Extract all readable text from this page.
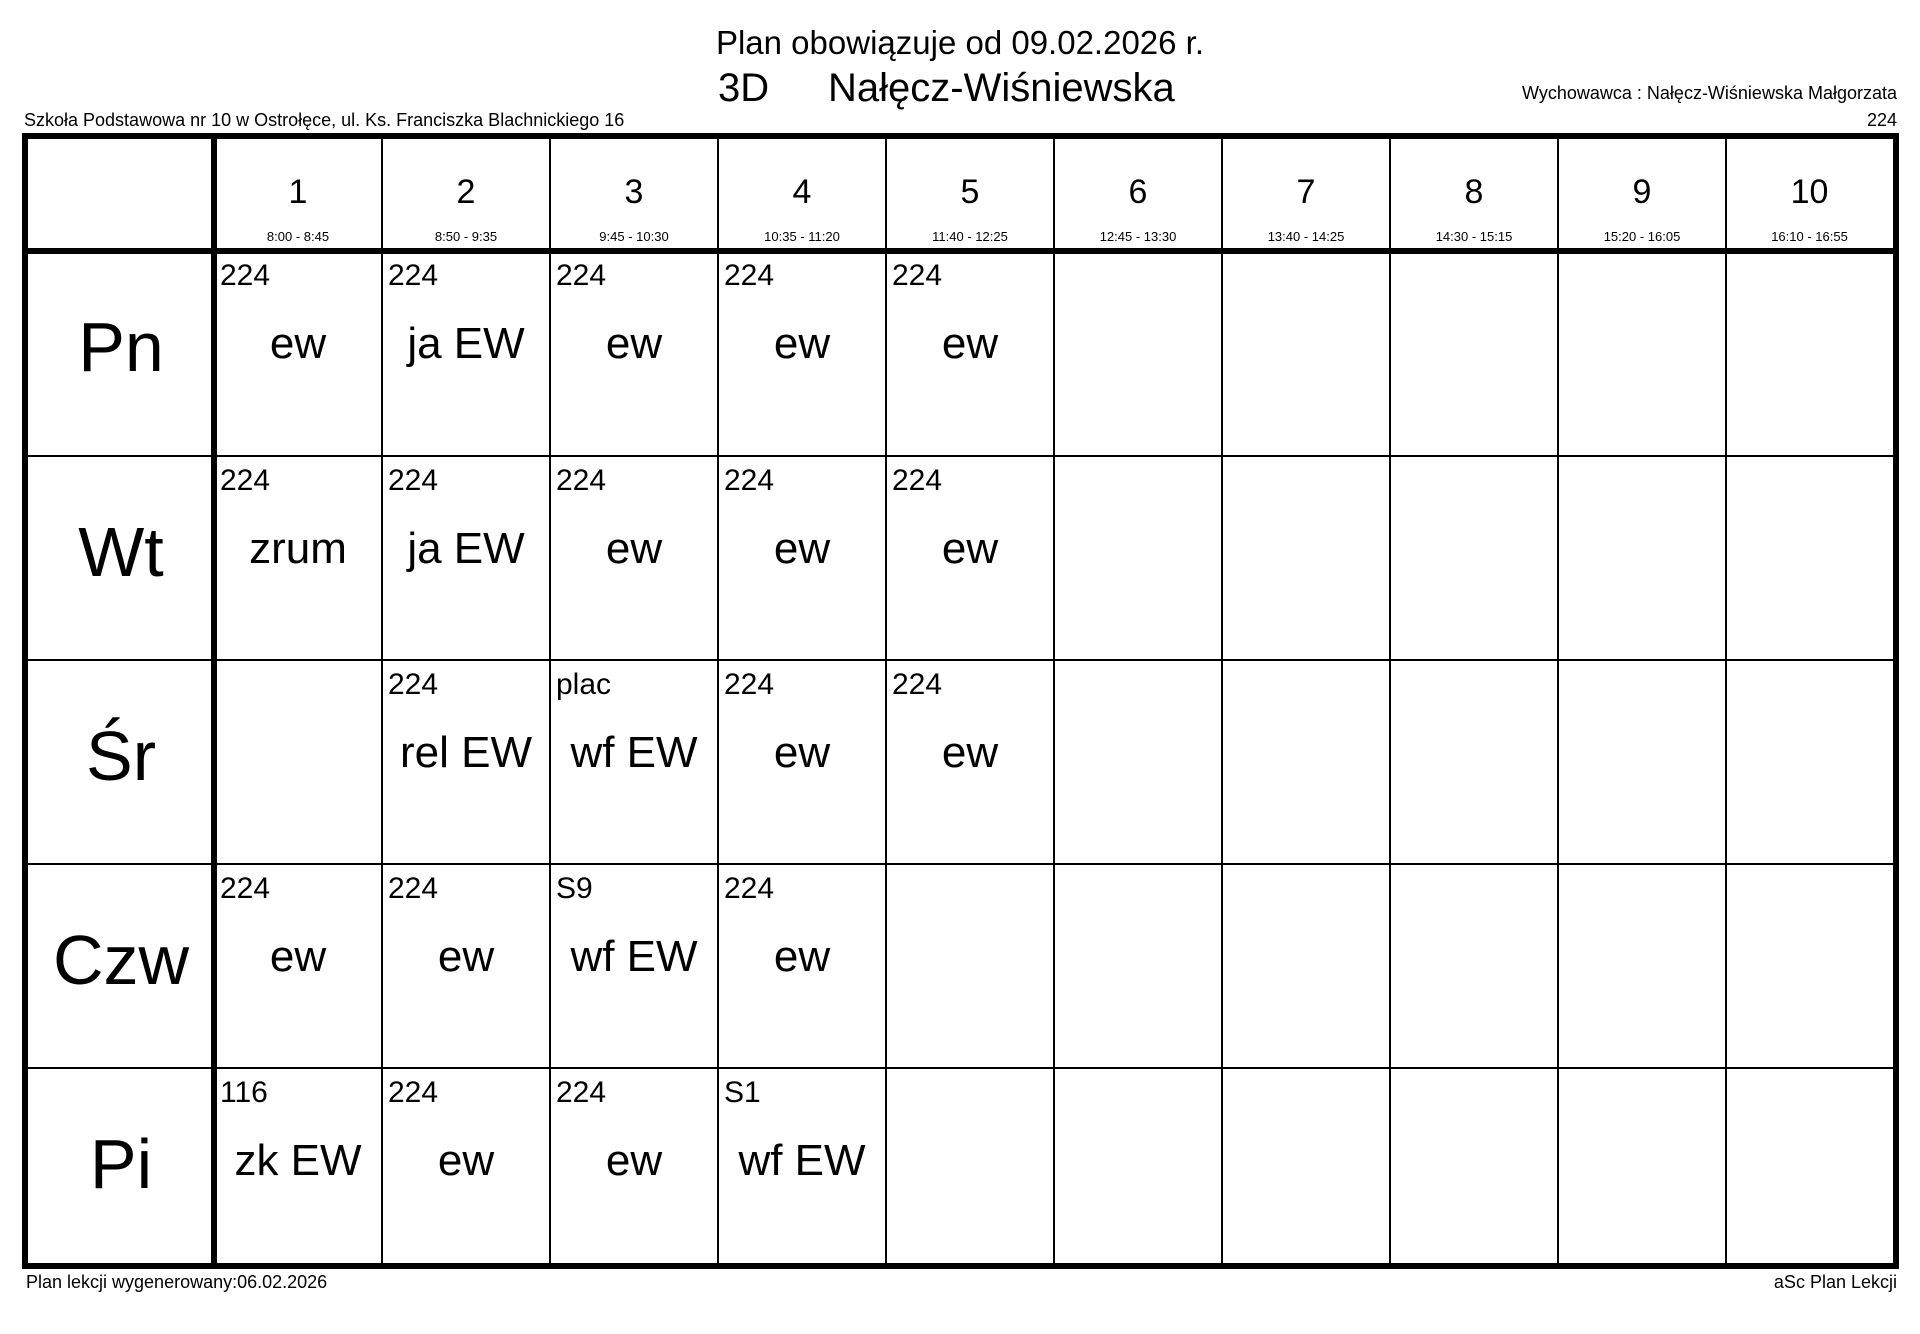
Plan obowiązuje od 09.02.2026 r.
3D Nałęcz-Wiśniewska
Szkoła Podstawowa nr 10 w Ostrołęce, ul. Ks. Franciszka Blachnickiego 16
Wychowawca : Nałęcz-Wiśniewska Małgorzata
224
1
8:00 - 8:45
2
8:50 - 9:35
3
9:45 - 10:30
4
10:35 - 11:20
5
11:40 - 12:25
6
12:45 - 13:30
7
13:40 - 14:25
8
14:30 - 15:15
9
15:20 - 16:05
10
16:10 - 16:55
Pn
224
ew
224
ja EW
224
ew
224
ew
224
ew
Wt
224
zrum
224
ja EW
224
ew
224
ew
224
ew
Śr
224
rel EW
plac
wf EW
224
ew
224
ew
Czw
224
ew
224
ew
S9
wf EW
224
ew
Pi
116
zk EW
224
ew
224
ew
S1
wf EW
Plan lekcji wygenerowany:06.02.2026	aSc Plan Lekcji
